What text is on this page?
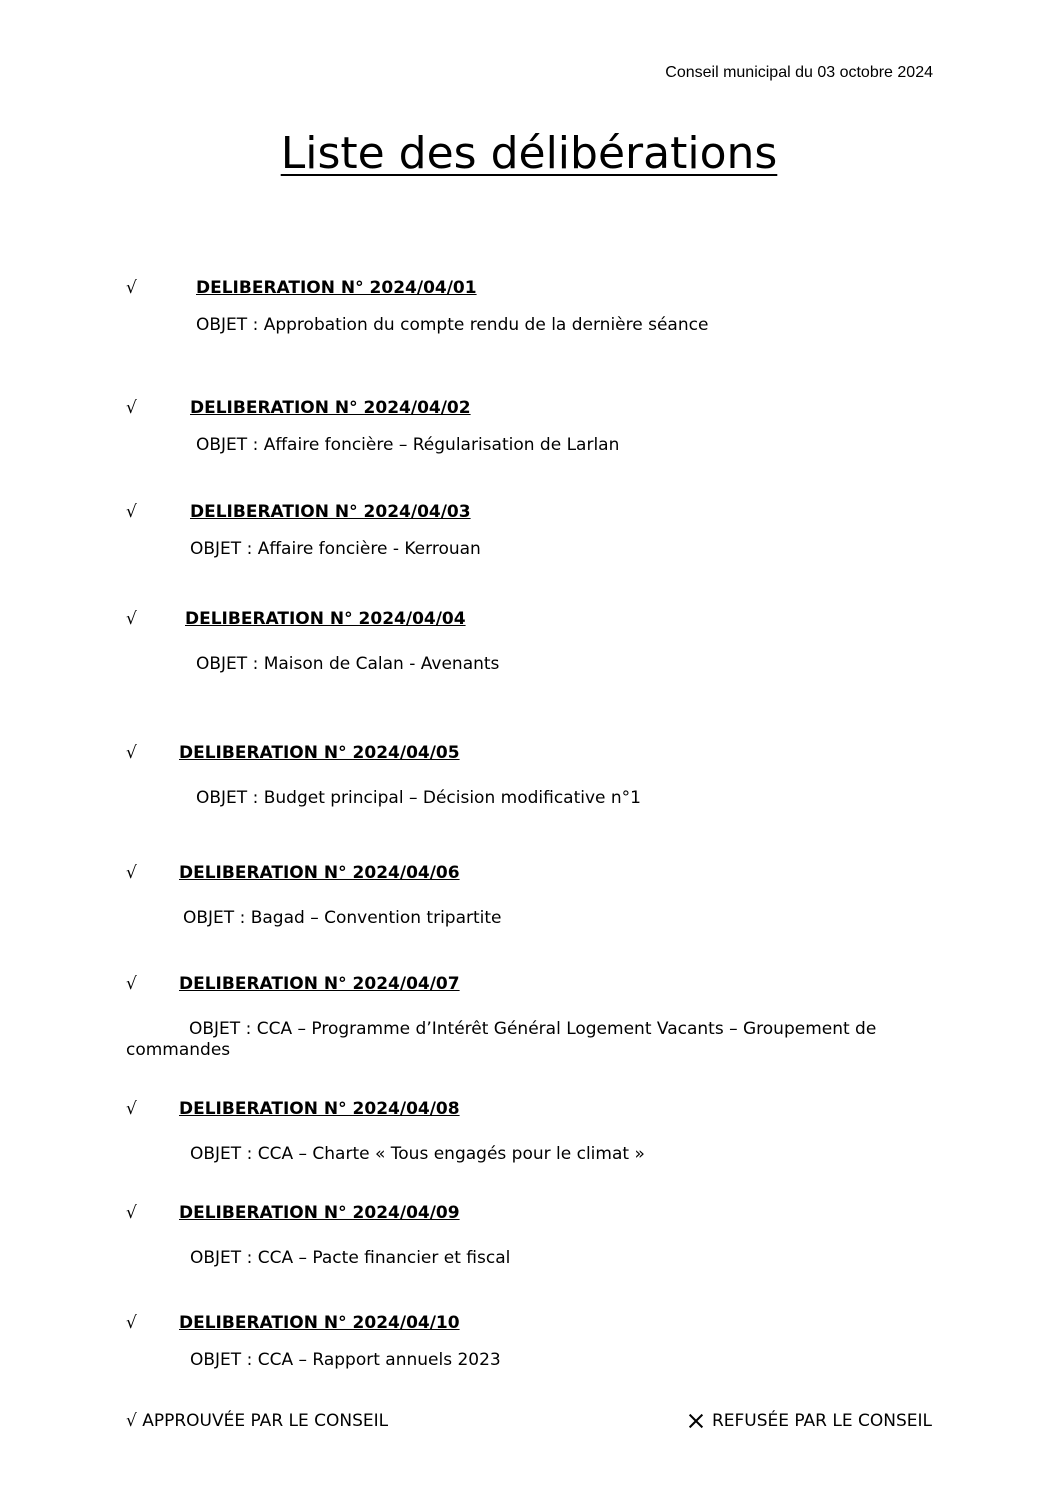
Conseil municipal du 03 octobre 2024
Liste des délibérations
√	DELIBERATION N° 2024/04/01
OBJET : Approbation du compte rendu de la dernière séance
√	DELIBERATION N° 2024/04/02
OBJET : Affaire foncière – Régularisation de Larlan
√	DELIBERATION N° 2024/04/03
OBJET : Affaire foncière - Kerrouan
√	DELIBERATION N° 2024/04/04
OBJET : Maison de Calan - Avenants
√ DELIBERATION N° 2024/04/05
OBJET : Budget principal – Décision modificative n°1
√ DELIBERATION N° 2024/04/06
OBJET : Bagad – Convention tripartite
√ DELIBERATION N° 2024/04/07
OBJET : CCA – Programme d’Intérêt Général Logement Vacants – Groupement de commandes
√ DELIBERATION N° 2024/04/08
OBJET : CCA – Charte « Tous engagés pour le climat »
√ DELIBERATION N° 2024/04/09
OBJET : CCA – Pacte financier et fiscal
√ DELIBERATION N° 2024/04/10
OBJET : CCA – Rapport annuels 2023
√ APPROUVÉE PAR LE CONSEIL	REFUSÉE PAR LE CONSEIL
